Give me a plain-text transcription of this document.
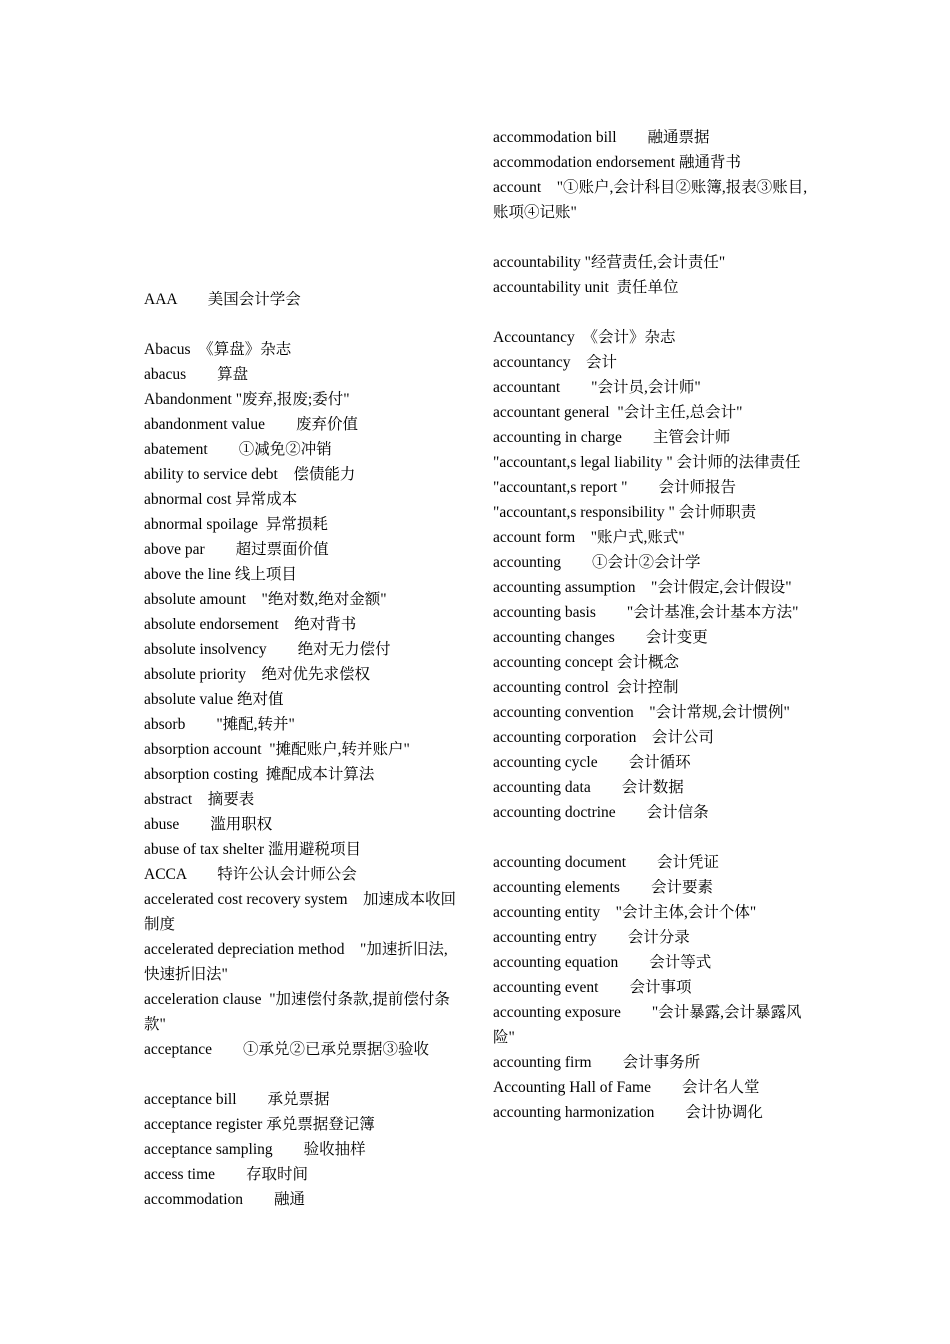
AAA　　美国会计学会
Abacus　《算盘》杂志
abacus　　算盘
Abandonment "废弃,报废;委付"
abandonment value　　废弃价值
abatement　　①减免②冲销
ability to service debt　偿债能力
abnormal cost 异常成本
abnormal spoilage  异常损耗
above par　　超过票面价值
above the line 线上项目
absolute amount　"绝对数,绝对金额"
absolute endorsement　绝对背书
absolute insolvency　　绝对无力偿付
absolute priority　绝对优先求偿权
absolute value 绝对值
absorb　　"摊配,转并"
absorption account  "摊配账户,转并账户"
absorption costing  摊配成本计算法
abstract　摘要表
abuse　　滥用职权
abuse of tax shelter 滥用避税项目
ACCA　　特许公认会计师公会
accelerated cost recovery system　加速成本收回制度
accelerated depreciation method　"加速折旧法,快速折旧法"
acceleration clause  "加速偿付条款,提前偿付条款"
acceptance　　①承兑②已承兑票据③验收
acceptance bill　　承兑票据
acceptance register 承兑票据登记簿
acceptance sampling　　验收抽样
access time　　存取时间
accommodation　　融通
accommodation bill　　融通票据
accommodation endorsement 融通背书
account　"①账户,会计科目②账簿,报表③账目,账项④记账"
accountability "经营责任,会计责任"
accountability unit  责任单位
Accountancy　《会计》杂志
accountancy　会计
accountant　　"会计员,会计师"
accountant general  "会计主任,总会计"
accounting in charge　　主管会计师
"accountant,s legal liability " 会计师的法律责任
"accountant,s report "　　会计师报告
"accountant,s responsibility " 会计师职责
account form　"账户式,账式"
accounting　　①会计②会计学
accounting assumption　"会计假定,会计假设"
accounting basis　　"会计基准,会计基本方法"
accounting changes　　会计变更
accounting concept 会计概念
accounting control  会计控制
accounting convention　"会计常规,会计惯例"
accounting corporation　会计公司
accounting cycle　　会计循环
accounting data　　会计数据
accounting doctrine　　会计信条
accounting document　　会计凭证
accounting elements　　会计要素
accounting entity　"会计主体,会计个体"
accounting entry　　会计分录
accounting equation　　会计等式
accounting event　　会计事项
accounting exposure　　"会计暴露,会计暴露风险"
accounting firm　　会计事务所
Accounting Hall of Fame　　会计名人堂
accounting harmonization　　会计协调化
